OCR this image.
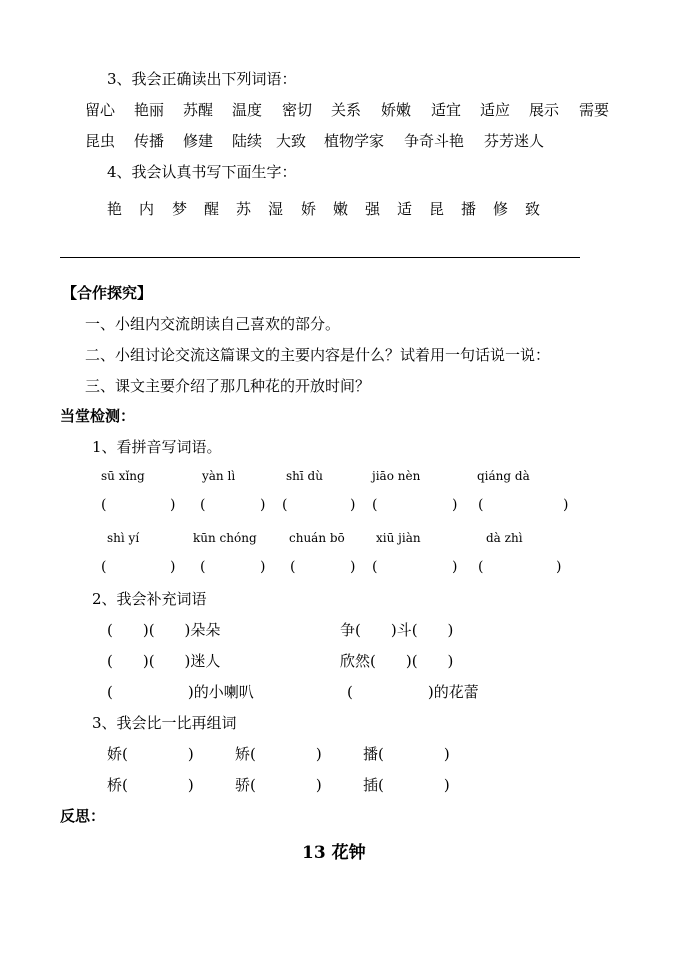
3、我会正确读出下列词语：
留心 艳丽 苏醒 温度 密切 关系 娇嫩 适宜 适应 展示 需要
昆虫 传播 修建 陆续 大致 植物学家 争奇斗艳 芬芳迷人
4、我会认真书写下面生字：
艳 内 梦 醒 苏 湿 娇 嫩 强 适 昆 播 修 致
【合作探究】
一、小组内交流朗读自己喜欢的部分。
二、小组讨论交流这篇课文的主要内容是什么？试着用一句话说一说：
三、课文主要介绍了那几种花的开放时间？
当堂检测：
1、看拼音写词语。
sū xǐng	yàn lì	shī dù	jiāo nèn	qiáng dà
(	) (	) (	) (	) (	)
shì yí	kūn chóng	chuán bō	xiū jiàn	dà zhì
(	) (	) (	) (	) (	)
2、我会补充词语
(　　)(　　)朵朵	争(　　)斗(　　)
(　　)(　　)迷人	欣然(　　)(　　)
(　　　　　)的小喇叭	(　　　　　)的花蕾
3、我会比一比再组词
娇(　　　　)	矫(　　　　)	播(　　　　)
桥(　　　　)	骄(　　　　)	插(　　　　)
反思：
13 花钟
